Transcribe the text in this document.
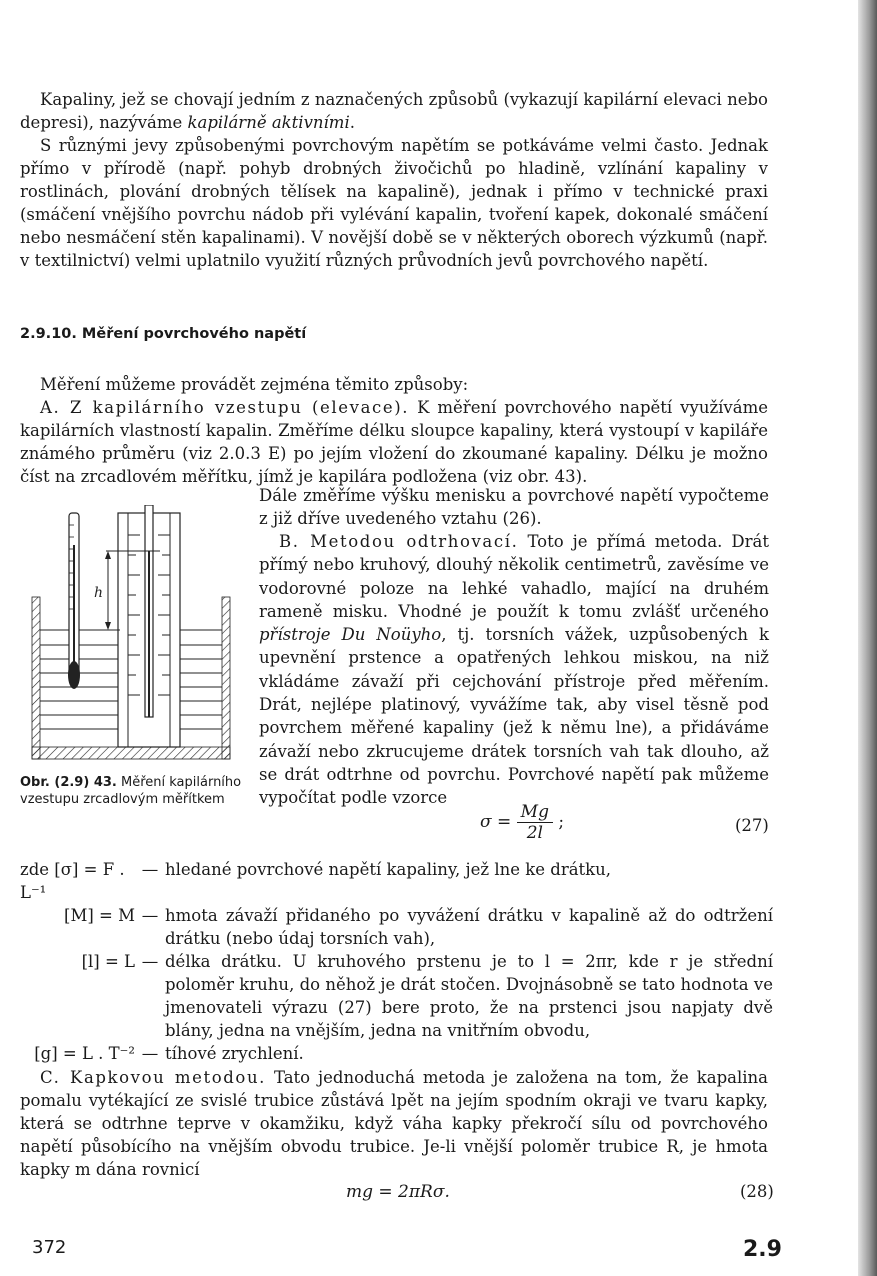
Kapaliny, jež se chovají jedním z naznačených způsobů (vykazují kapilární elevaci nebo depresi), nazýváme kapilárně aktivními.

S různými jevy způsobenými povrchovým napětím se potkáváme velmi často. Jednak přímo v přírodě (např. pohyb drobných živočichů po hladině, vzlínání kapaliny v rostlinách, plování drobných tělísek na kapalině), jednak i přímo v technické praxi (smáčení vnějšího povrchu nádob při vylévání kapalin, tvoření kapek, dokonalé smáčení nebo nesmáčení stěn kapalinami). V novější době se v některých oborech výzkumů (např. v textilnictví) velmi uplatnilo využití různých průvodních jevů povrchového napětí.

2.9.10. Měření povrchového napětí

Měření můžeme provádět zejména těmito způsoby:

A. Z kapilárního vzestupu (elevace). K měření povrchového napětí využíváme kapilárních vlastností kapalin. Změříme délku sloupce kapaliny, která vystoupí v kapiláře známého průměru (viz 2.0.3 E) po jejím vložení do zkoumané kapaliny. Délku je možno číst na zrcadlovém měřítku, jímž je kapilára podložena (viz obr. 43).

h

Dále změříme výšku menisku a povrchové napětí vypočteme z již dříve uvedeného vztahu (26).

B. Metodou odtrhovací. Toto je přímá metoda. Drát přímý nebo kruhový, dlouhý několik centimetrů, zavěsíme ve vodorovné poloze na lehké vahadlo, mající na druhém rameně misku. Vhodné je použít k tomu zvlášť určeného přístroje Du Noüyho, tj. torsních vážek, uzpůsobených k upevnění prstence a opatřených lehkou miskou, na niž vkládáme závaží při cejchování přístroje před měřením. Drát, nejlépe platinový, vyvážíme tak, aby visel těsně pod povrchem měřené kapaliny (jež k němu lne), a přidáváme závaží nebo zkrucujeme drátek torsních vah tak dlouho, až se drát odtrhne od povrchu. Povrchové napětí pak můžeme vypočítat podle vzorce

Obr. (2.9) 43. Měření kapilárního vzestupu zrcadlovým měřítkem

$\sigma = \frac{Mg}{2l}$ ;	(27)
zde [σ] = F . L⁻¹
— hledané povrchové napětí kapaliny, jež lne ke drátku,
[M] = M — hmota závaží přidaného po vyvážení drátku v kapalině až do odtržení drátku (nebo údaj torsních vah),
[l] = L — délka drátku. U kruhového prstenu je to l = 2πr, kde r je střední poloměr kruhu, do něhož je drát stočen. Dvojnásobně se tato hodnota ve jmenovateli výrazu (27) bere proto, že na prstenci jsou napjaty dvě blány, jedna na vnějším, jedna na vnitřním obvodu,
[g] = L . T⁻² — tíhové zrychlení.

C. Kapkovou metodou. Tato jednoduchá metoda je založena na tom, že kapalina pomalu vytékající ze svislé trubice zůstává lpět na jejím spodním okraji ve tvaru kapky, která se odtrhne teprve v okamžiku, když váha kapky překročí sílu od povrchového napětí působícího na vnějším obvodu trubice. Je-li vnější poloměr trubice R, je hmota kapky m dána rovnicí

mg = 2πRσ.	(28)
372	2.9
